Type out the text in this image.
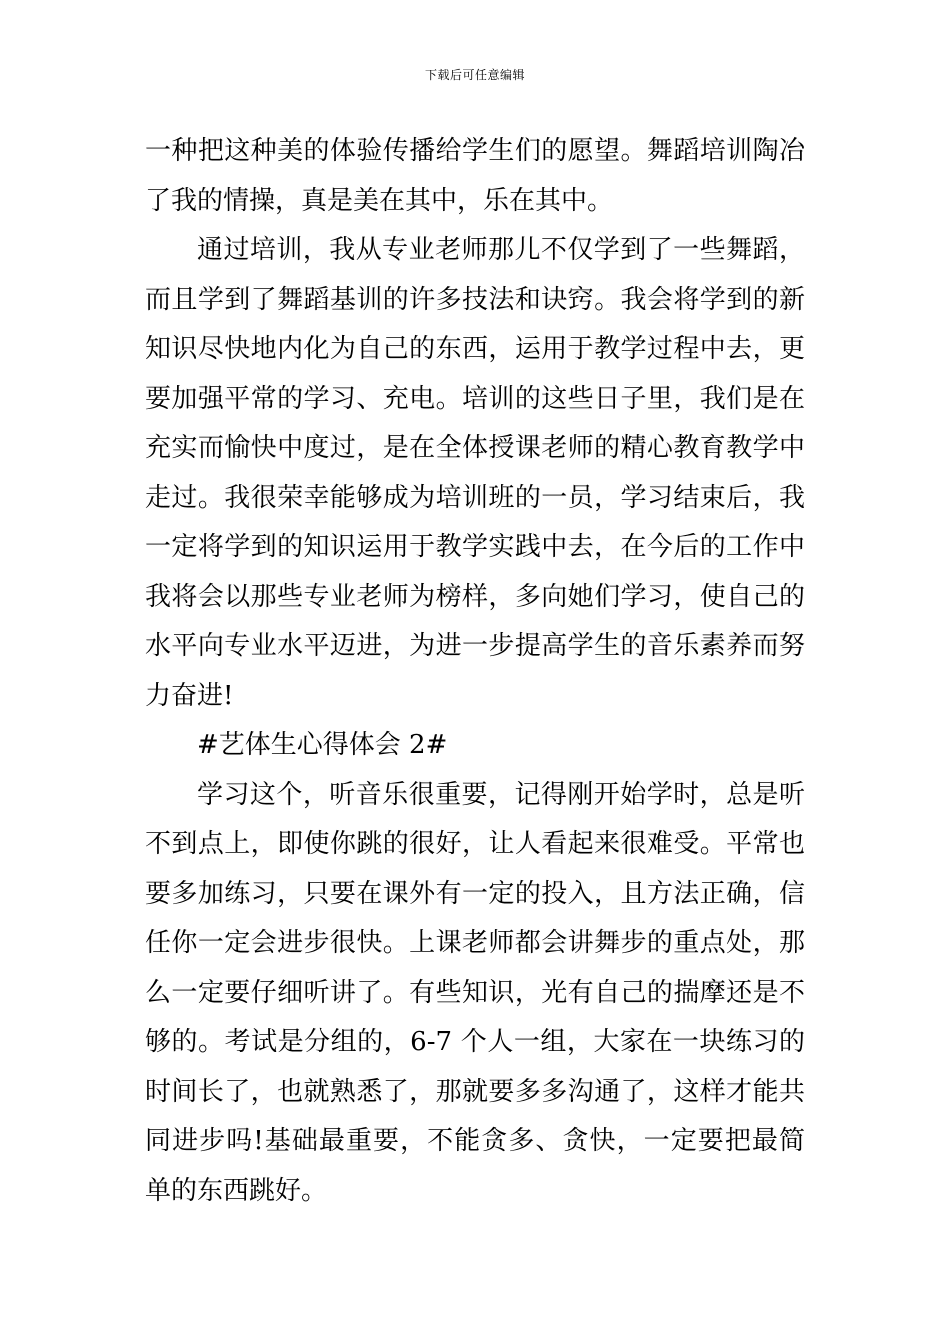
下载后可任意编辑

一种把这种美的体验传播给学生们的愿望。舞蹈培训陶冶了我的情操，真是美在其中，乐在其中。

通过培训，我从专业老师那儿不仅学到了一些舞蹈，而且学到了舞蹈基训的许多技法和诀窍。我会将学到的新知识尽快地内化为自己的东西，运用于教学过程中去，更要加强平常的学习、充电。培训的这些日子里，我们是在充实而愉快中度过，是在全体授课老师的精心教育教学中走过。我很荣幸能够成为培训班的一员，学习结束后，我一定将学到的知识运用于教学实践中去，在今后的工作中我将会以那些专业老师为榜样，多向她们学习，使自己的水平向专业水平迈进，为进一步提高学生的音乐素养而努力奋进!

#艺体生心得体会 2#

学习这个，听音乐很重要，记得刚开始学时，总是听不到点上，即使你跳的很好，让人看起来很难受。平常也要多加练习，只要在课外有一定的投入，且方法正确，信任你一定会进步很快。上课老师都会讲舞步的重点处，那么一定要仔细听讲了。有些知识，光有自己的揣摩还是不够的。考试是分组的，6-7 个人一组，大家在一块练习的时间长了，也就熟悉了，那就要多多沟通了，这样才能共同进步吗!基础最重要，不能贪多、贪快，一定要把最简单的东西跳好。
